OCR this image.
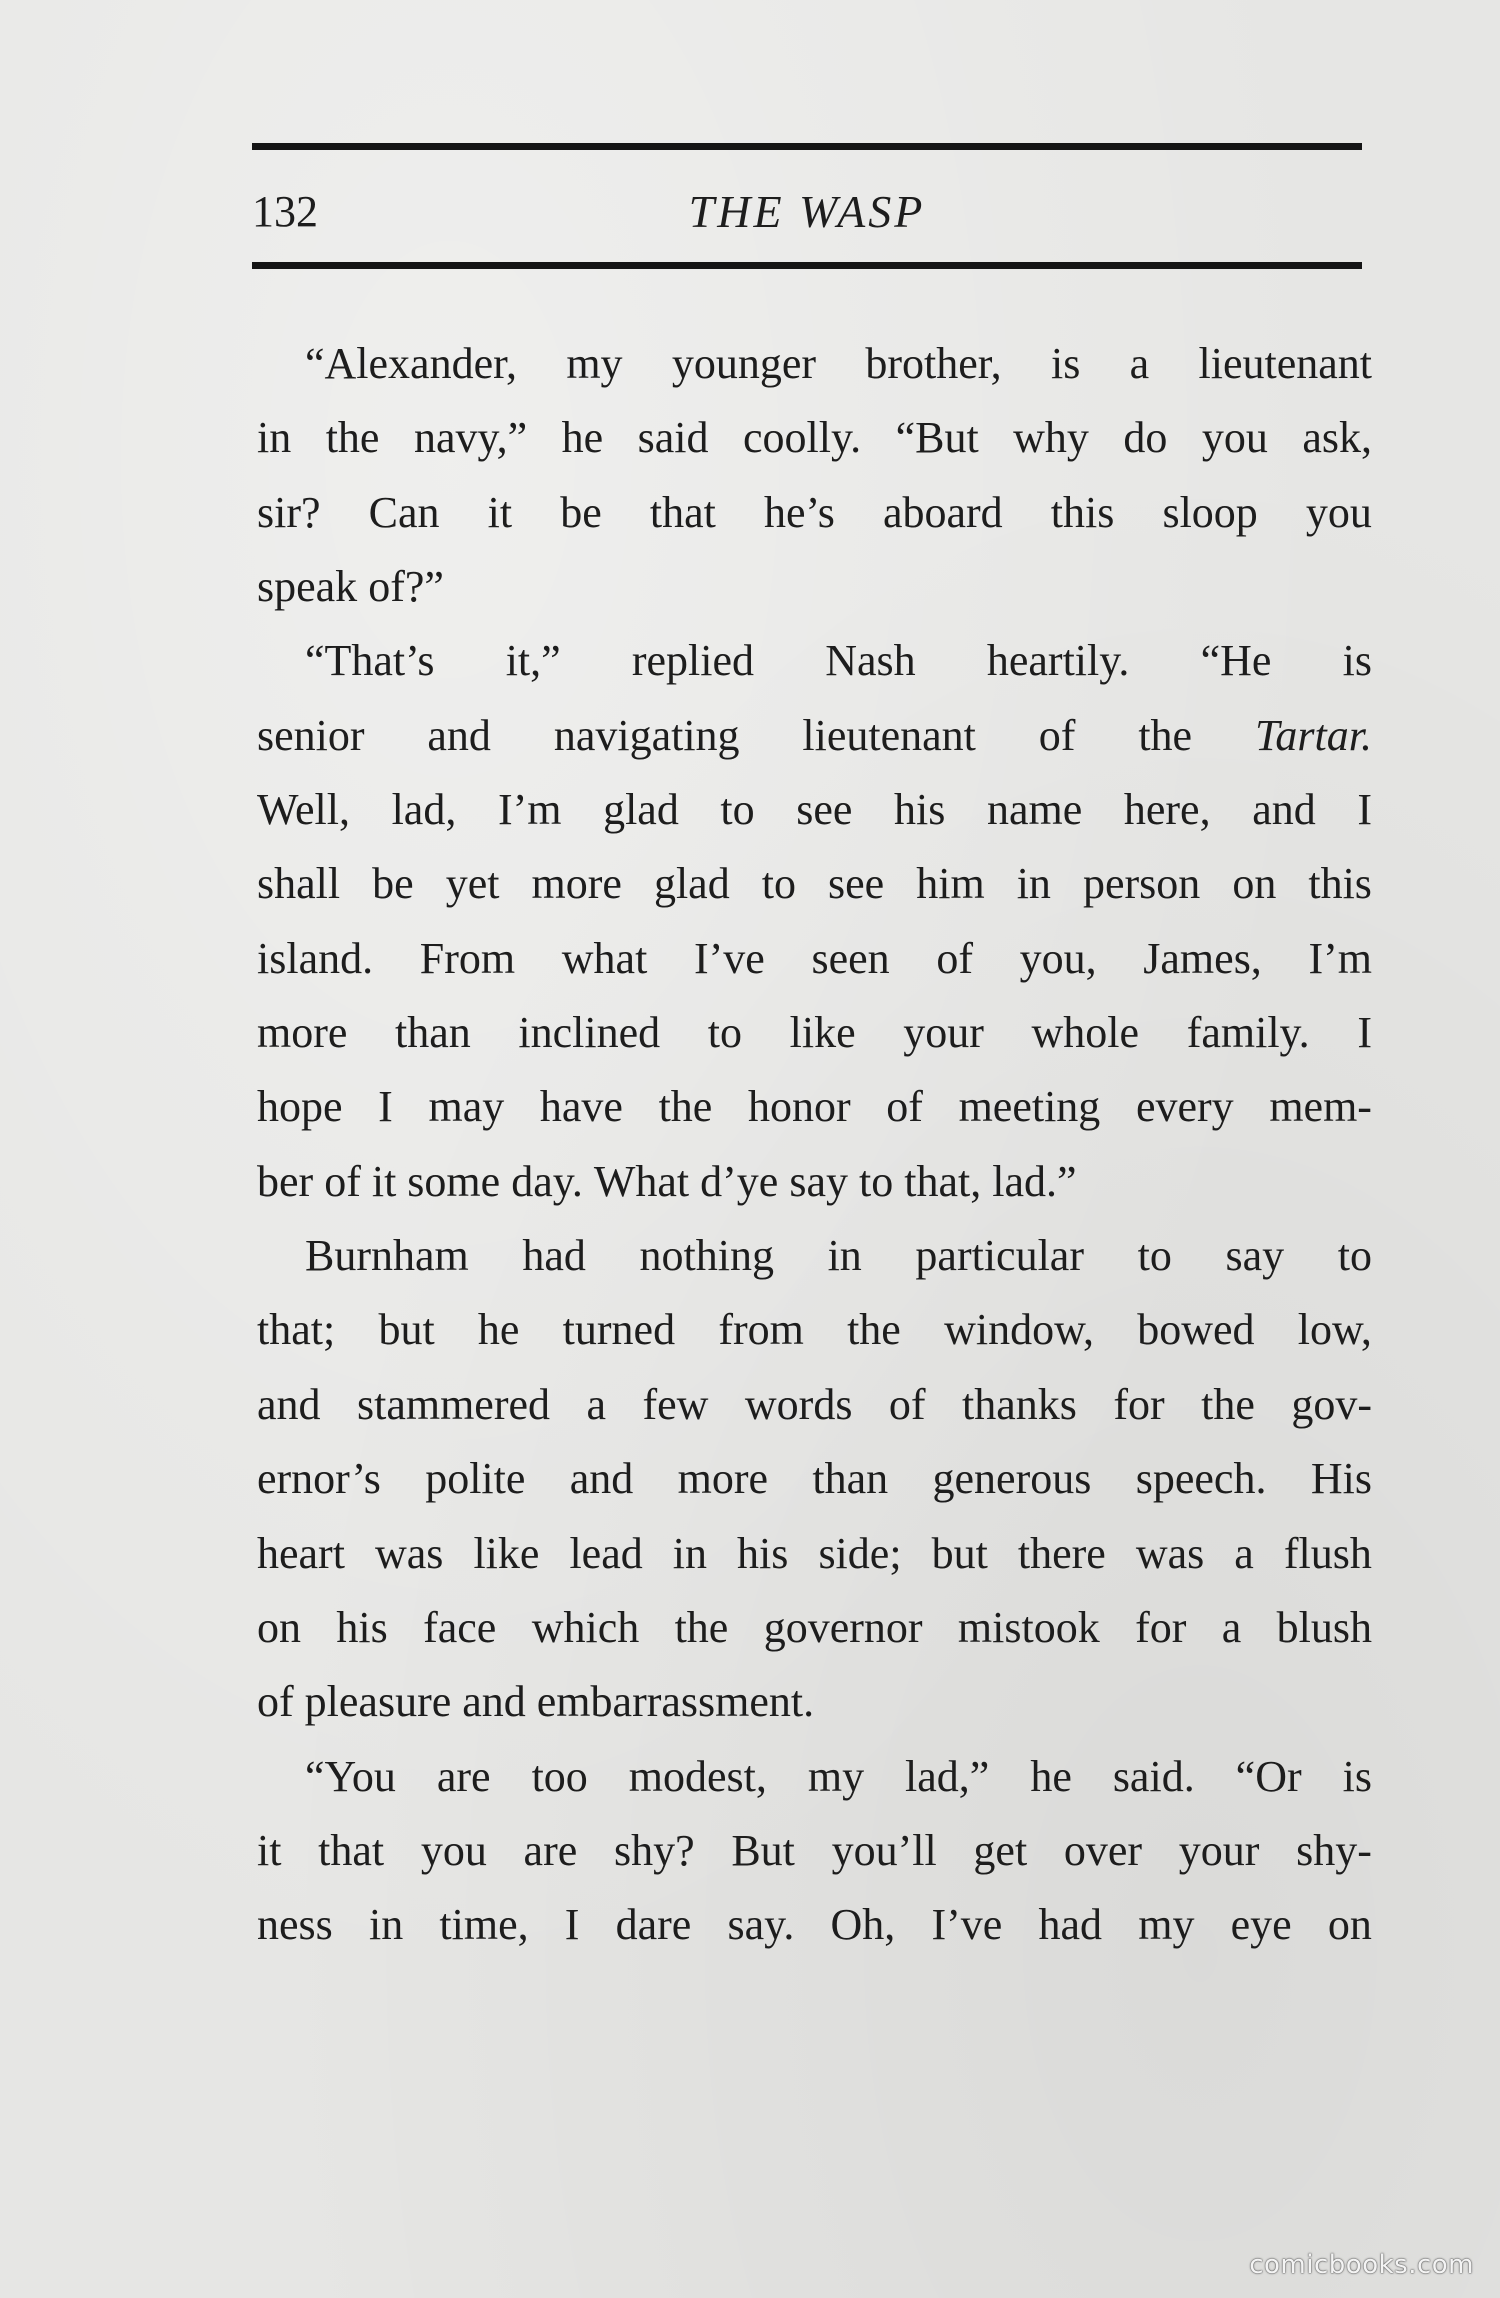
132	THE WASP
“Alexander, my younger brother, is a lieutenant
in the navy,” he said coolly. “But why do you ask,
sir? Can it be that he’s aboard this sloop you
speak
of?”
“That’s it,” replied Nash heartily. “He is
senior and navigating lieutenant of the Tartar.
Well, lad, I’m glad to see his name here, and I
shall be yet more glad to see him in person on this
island. From what I’ve seen of you, James, I’m
more than inclined to like your whole family. I
hope I may have the honor of meeting every mem-
ber
of
it
some
day.
What
d’ye
say
to
that,
lad.”
Burnham had nothing in particular to say to
that; but he turned from the window, bowed low,
and stammered a few words of thanks for the gov-
ernor’s polite and more than generous speech. His
heart was like lead in his side; but there was a flush
on his face which the governor mistook for a blush
of
pleasure
and
embarrassment.
“You are too modest, my lad,” he said. “Or is
it that you are shy? But you’ll get over your shy-
ness in time, I dare say. Oh, I’ve had my eye on
comicbooks.com
